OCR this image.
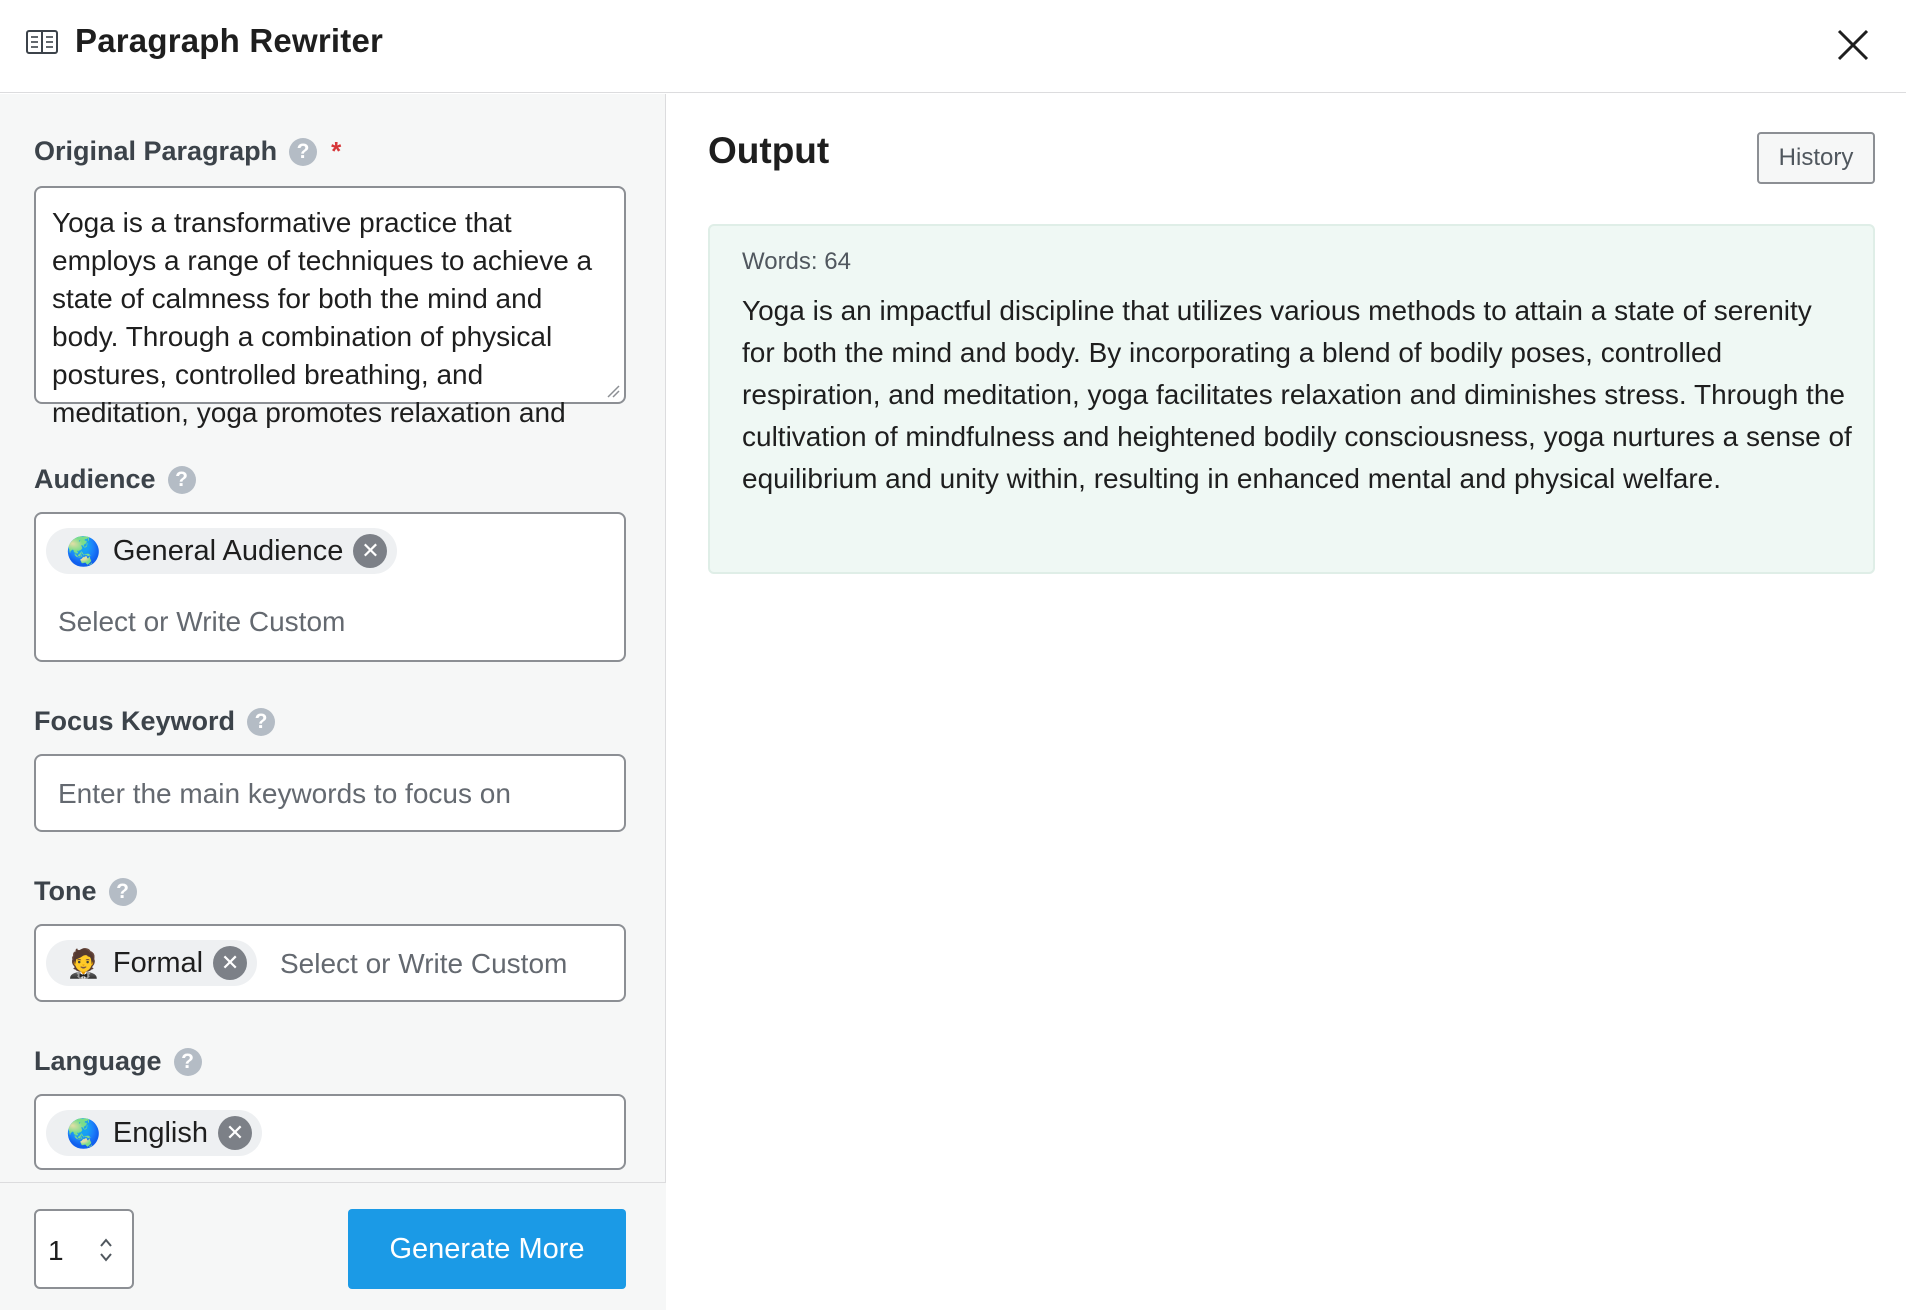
Paragraph Rewriter
Original Paragraph ? *
Yoga is a transformative practice that employs a range of techniques to achieve a state of calmness for both the mind and body. Through a combination of physical postures, controlled breathing, and meditation, yoga promotes relaxation and
Audience ?
🌏 General Audience ✕
Select or Write Custom
Focus Keyword ?
Enter the main keywords to focus on
Tone ?
🤵 Formal ✕ Select or Write Custom
Language ?
🌏 English ✕
1	Generate More
Output	History
Words: 64
Yoga is an impactful discipline that utilizes various methods to attain a state of serenity for both the mind and body. By incorporating a blend of bodily poses, controlled respiration, and meditation, yoga facilitates relaxation and diminishes stress. Through the cultivation of mindfulness and heightened bodily consciousness, yoga nurtures a sense of equilibrium and unity within, resulting in enhanced mental and physical welfare.
